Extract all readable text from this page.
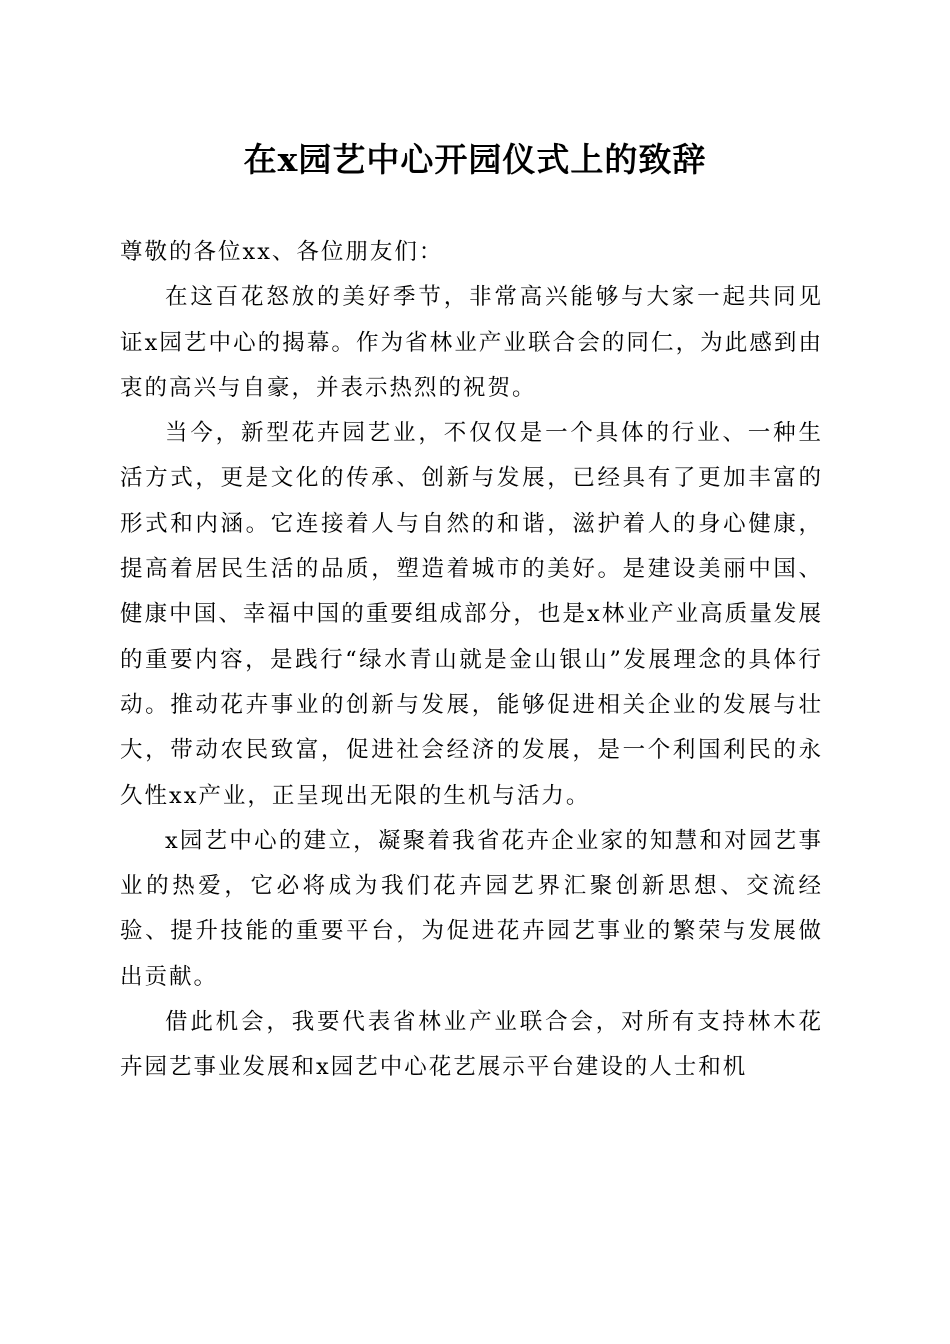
在x园艺中心开园仪式上的致辞

尊敬的各位xx、各位朋友们：

在这百花怒放的美好季节，非常高兴能够与大家一起共同见证x园艺中心的揭幕。作为省林业产业联合会的同仁，为此感到由衷的高兴与自豪，并表示热烈的祝贺。

当今，新型花卉园艺业，不仅仅是一个具体的行业、一种生活方式，更是文化的传承、创新与发展，已经具有了更加丰富的形式和内涵。它连接着人与自然的和谐，滋护着人的身心健康，提高着居民生活的品质，塑造着城市的美好。是建设美丽中国、健康中国、幸福中国的重要组成部分，也是x林业产业高质量发展的重要内容，是践行“绿水青山就是金山银山”发展理念的具体行动。推动花卉事业的创新与发展，能够促进相关企业的发展与壮大，带动农民致富，促进社会经济的发展，是一个利国利民的永久性xx产业，正呈现出无限的生机与活力。

x园艺中心的建立，凝聚着我省花卉企业家的知慧和对园艺事业的热爱，它必将成为我们花卉园艺界汇聚创新思想、交流经验、提升技能的重要平台，为促进花卉园艺事业的繁荣与发展做出贡献。

借此机会，我要代表省林业产业联合会，对所有支持林木花卉园艺事业发展和x园艺中心花艺展示平台建设的人士和机
